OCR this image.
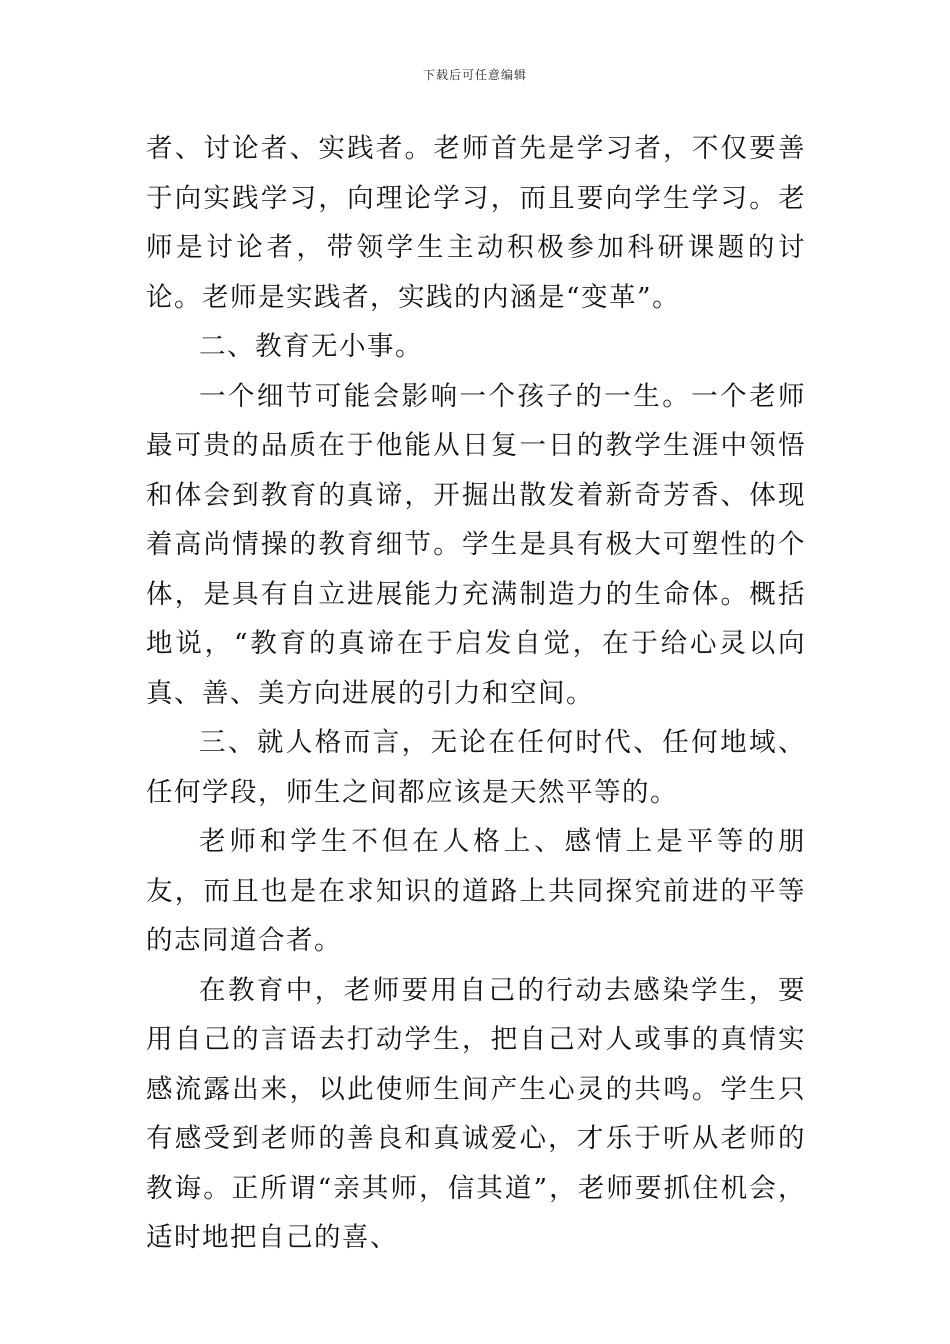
下载后可任意编辑

者、讨论者、实践者。老师首先是学习者，不仅要善于向实践学习，向理论学习，而且要向学生学习。老师是讨论者，带领学生主动积极参加科研课题的讨论。老师是实践者，实践的内涵是“变革”。

二、教育无小事。

一个细节可能会影响一个孩子的一生。一个老师最可贵的品质在于他能从日复一日的教学生涯中领悟和体会到教育的真谛，开掘出散发着新奇芳香、体现着高尚情操的教育细节。学生是具有极大可塑性的个体，是具有自立进展能力充满制造力的生命体。概括地说，“教育的真谛在于启发自觉，在于给心灵以向真、善、美方向进展的引力和空间。

三、就人格而言，无论在任何时代、任何地域、任何学段，师生之间都应该是天然平等的。

老师和学生不但在人格上、感情上是平等的朋友，而且也是在求知识的道路上共同探究前进的平等的志同道合者。

在教育中，老师要用自己的行动去感染学生，要用自己的言语去打动学生，把自己对人或事的真情实感流露出来，以此使师生间产生心灵的共鸣。学生只有感受到老师的善良和真诚爱心，才乐于听从老师的教诲。正所谓“亲其师，信其道”，老师要抓住机会，适时地把自己的喜、
